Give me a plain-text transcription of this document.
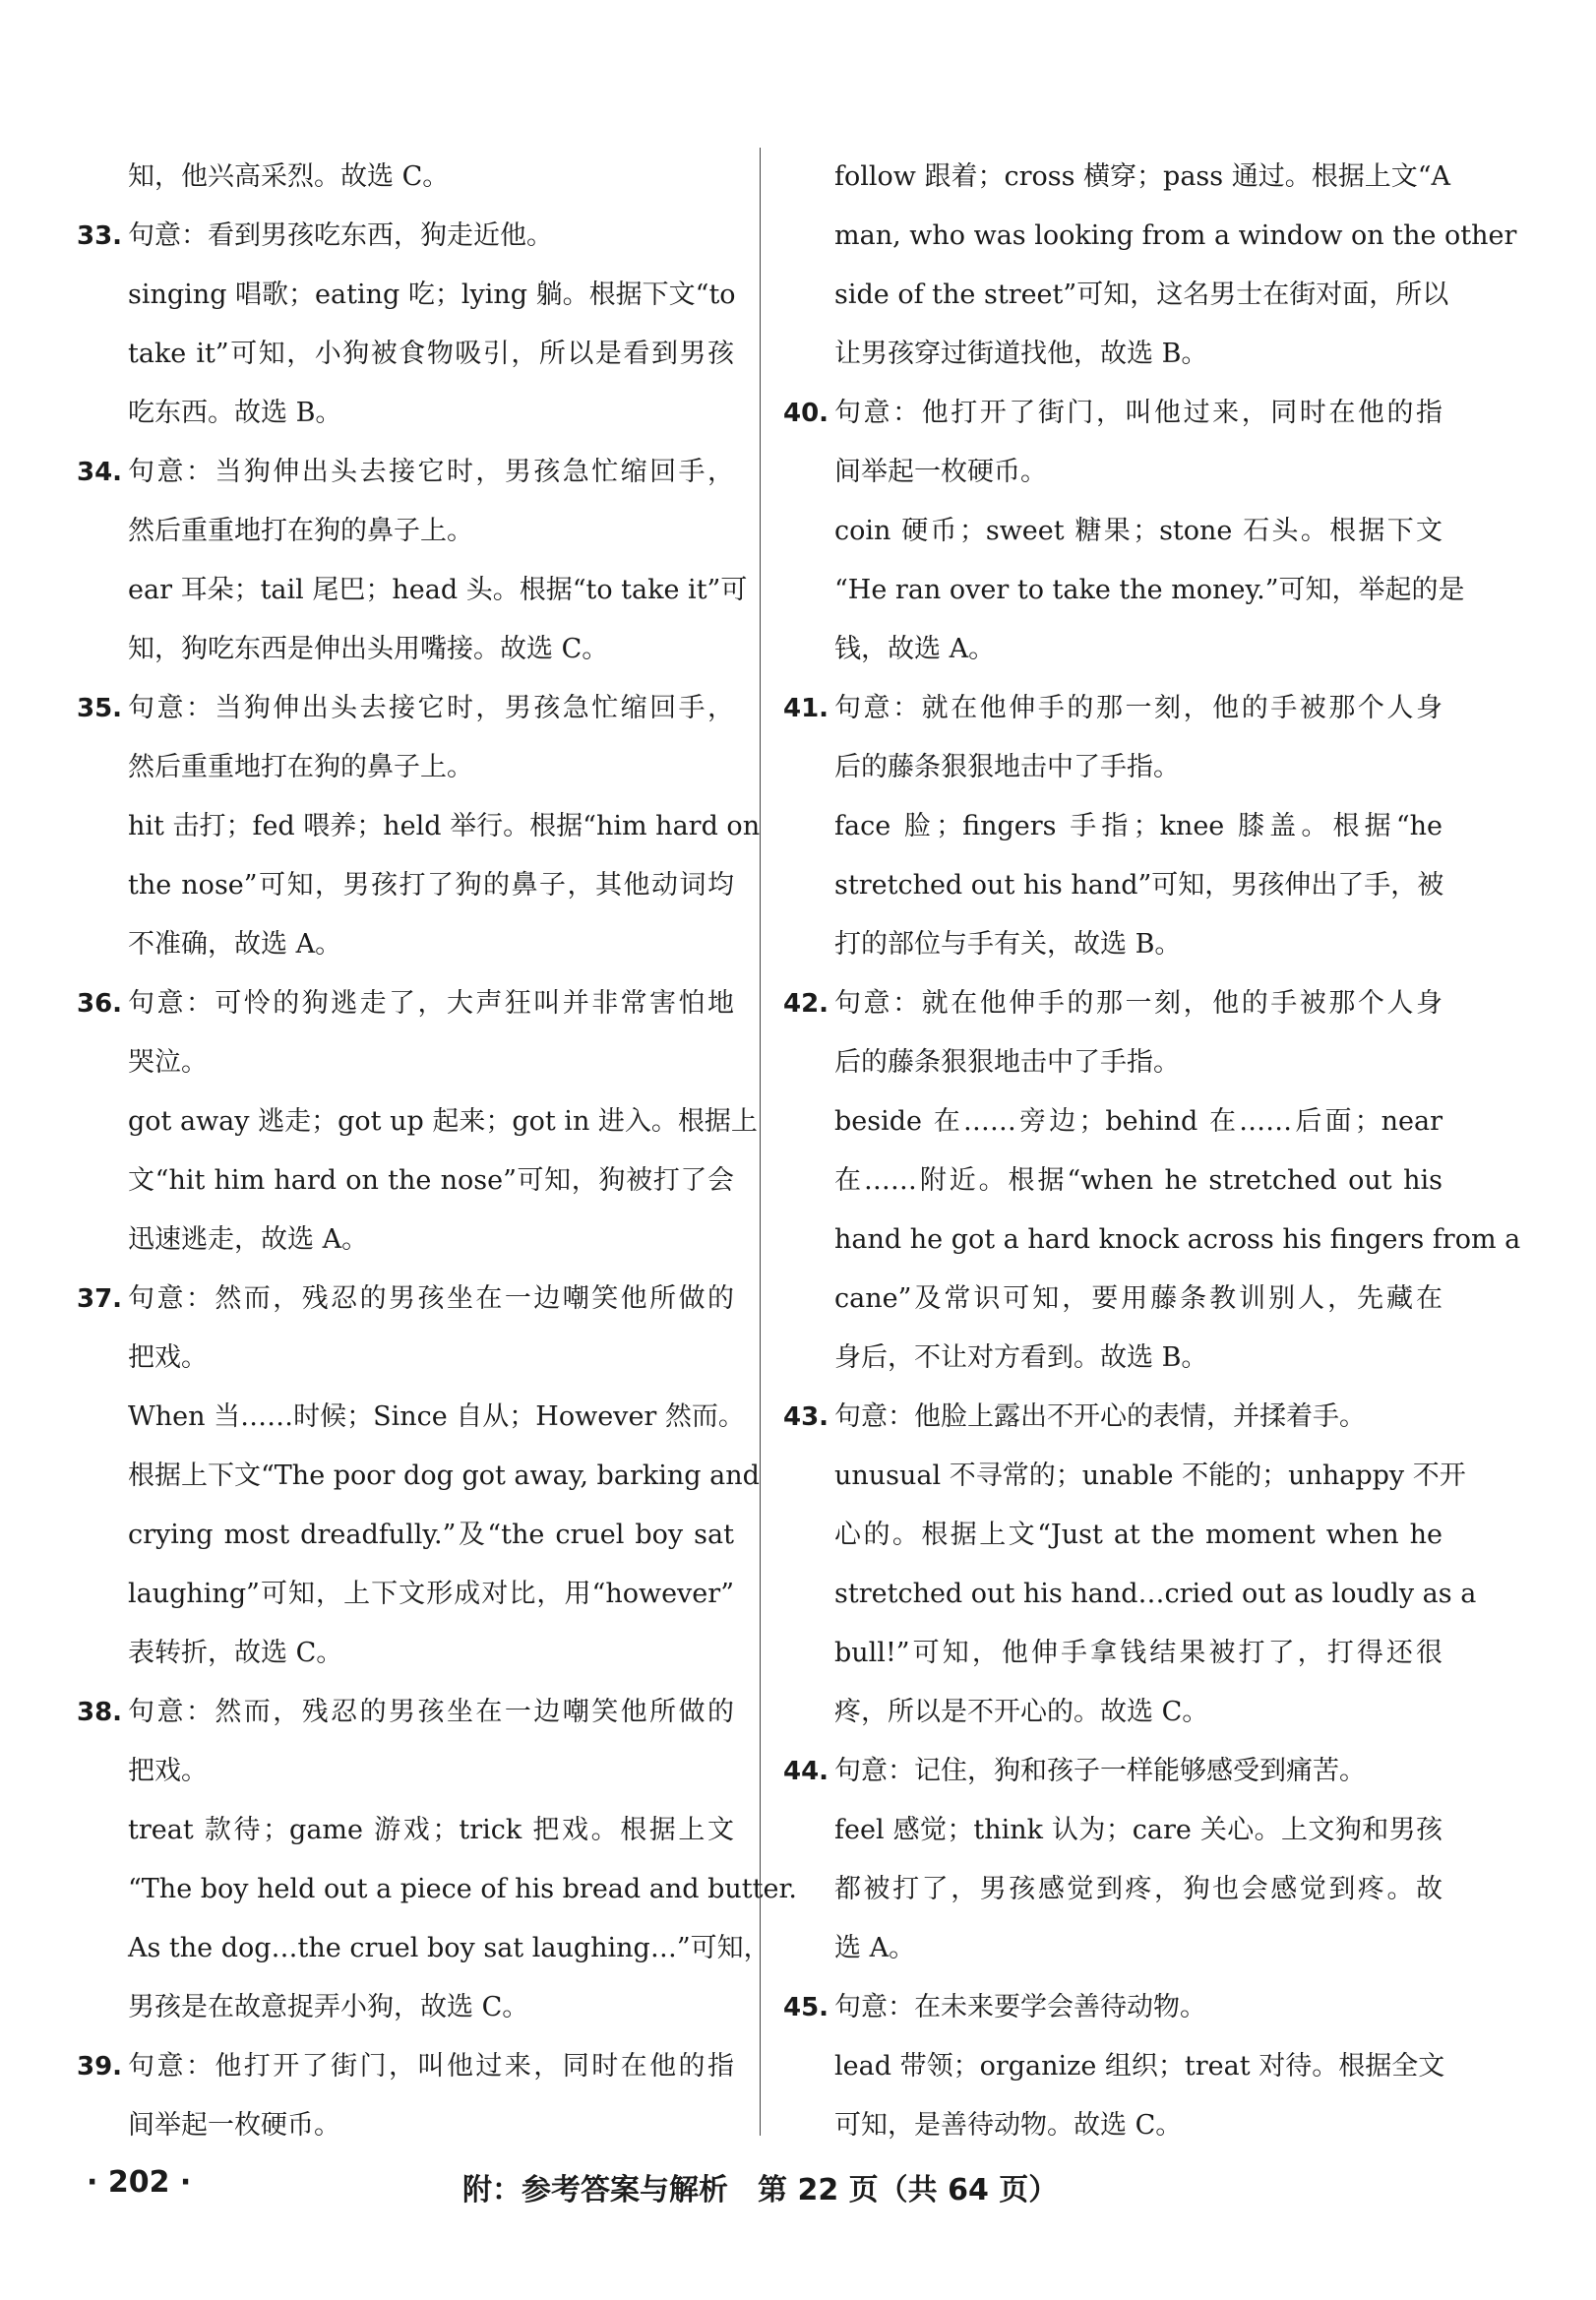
知，他兴高采烈。故选 C。
33. 句意：看到男孩吃东西，狗走近他。
singing 唱歌；eating 吃；lying 躺。根据下文“to
take it”可知，小狗被食物吸引，所以是看到男孩
吃东西。故选 B。
34. 句意：当狗伸出头去接它时，男孩急忙缩回手，
然后重重地打在狗的鼻子上。
ear 耳朵；tail 尾巴；head 头。根据“to take it”可
知，狗吃东西是伸出头用嘴接。故选 C。
35. 句意：当狗伸出头去接它时，男孩急忙缩回手，
然后重重地打在狗的鼻子上。
hit 击打；fed 喂养；held 举行。根据“him hard on
the nose”可知，男孩打了狗的鼻子，其他动词均
不准确，故选 A。
36. 句意：可怜的狗逃走了，大声狂叫并非常害怕地
哭泣。
got away 逃走；got up 起来；got in 进入。根据上
文“hit him hard on the nose”可知，狗被打了会
迅速逃走，故选 A。
37. 句意：然而，残忍的男孩坐在一边嘲笑他所做的
把戏。
When 当……时候；Since 自从；However 然而。
根据上下文“The poor dog got away, barking and
crying most dreadfully.”及“the cruel boy sat
laughing”可知，上下文形成对比，用“however”
表转折，故选 C。
38. 句意：然而，残忍的男孩坐在一边嘲笑他所做的
把戏。
treat 款待；game 游戏；trick 把戏。根据上文
“The boy held out a piece of his bread and butter.
As the dog…the cruel boy sat laughing…”可知，
男孩是在故意捉弄小狗，故选 C。
39. 句意：他打开了街门，叫他过来，同时在他的指
间举起一枚硬币。
follow 跟着；cross 横穿；pass 通过。根据上文“A
man, who was looking from a window on the other
side of the street”可知，这名男士在街对面，所以
让男孩穿过街道找他，故选 B。
40. 句意：他打开了街门，叫他过来，同时在他的指
间举起一枚硬币。
coin 硬币；sweet 糖果；stone 石头。根据下文
“He ran over to take the money.”可知，举起的是
钱，故选 A。
41. 句意：就在他伸手的那一刻，他的手被那个人身
后的藤条狠狠地击中了手指。
face 脸；fingers 手指；knee 膝盖。根据“he
stretched out his hand”可知，男孩伸出了手，被
打的部位与手有关，故选 B。
42. 句意：就在他伸手的那一刻，他的手被那个人身
后的藤条狠狠地击中了手指。
beside 在……旁边；behind 在……后面；near
在……附近。根据“when he stretched out his
hand he got a hard knock across his fingers from a
cane”及常识可知，要用藤条教训别人，先藏在
身后，不让对方看到。故选 B。
43. 句意：他脸上露出不开心的表情，并揉着手。
unusual 不寻常的；unable 不能的；unhappy 不开
心的。根据上文“Just at the moment when he
stretched out his hand…cried out as loudly as a
bull!”可知，他伸手拿钱结果被打了，打得还很
疼，所以是不开心的。故选 C。
44. 句意：记住，狗和孩子一样能够感受到痛苦。
feel 感觉；think 认为；care 关心。上文狗和男孩
都被打了，男孩感觉到疼，狗也会感觉到疼。故
选 A。
45. 句意：在未来要学会善待动物。
lead 带领；organize 组织；treat 对待。根据全文
可知，是善待动物。故选 C。
· 202 ·	附：参考答案与解析　第 22 页（共 64 页）
